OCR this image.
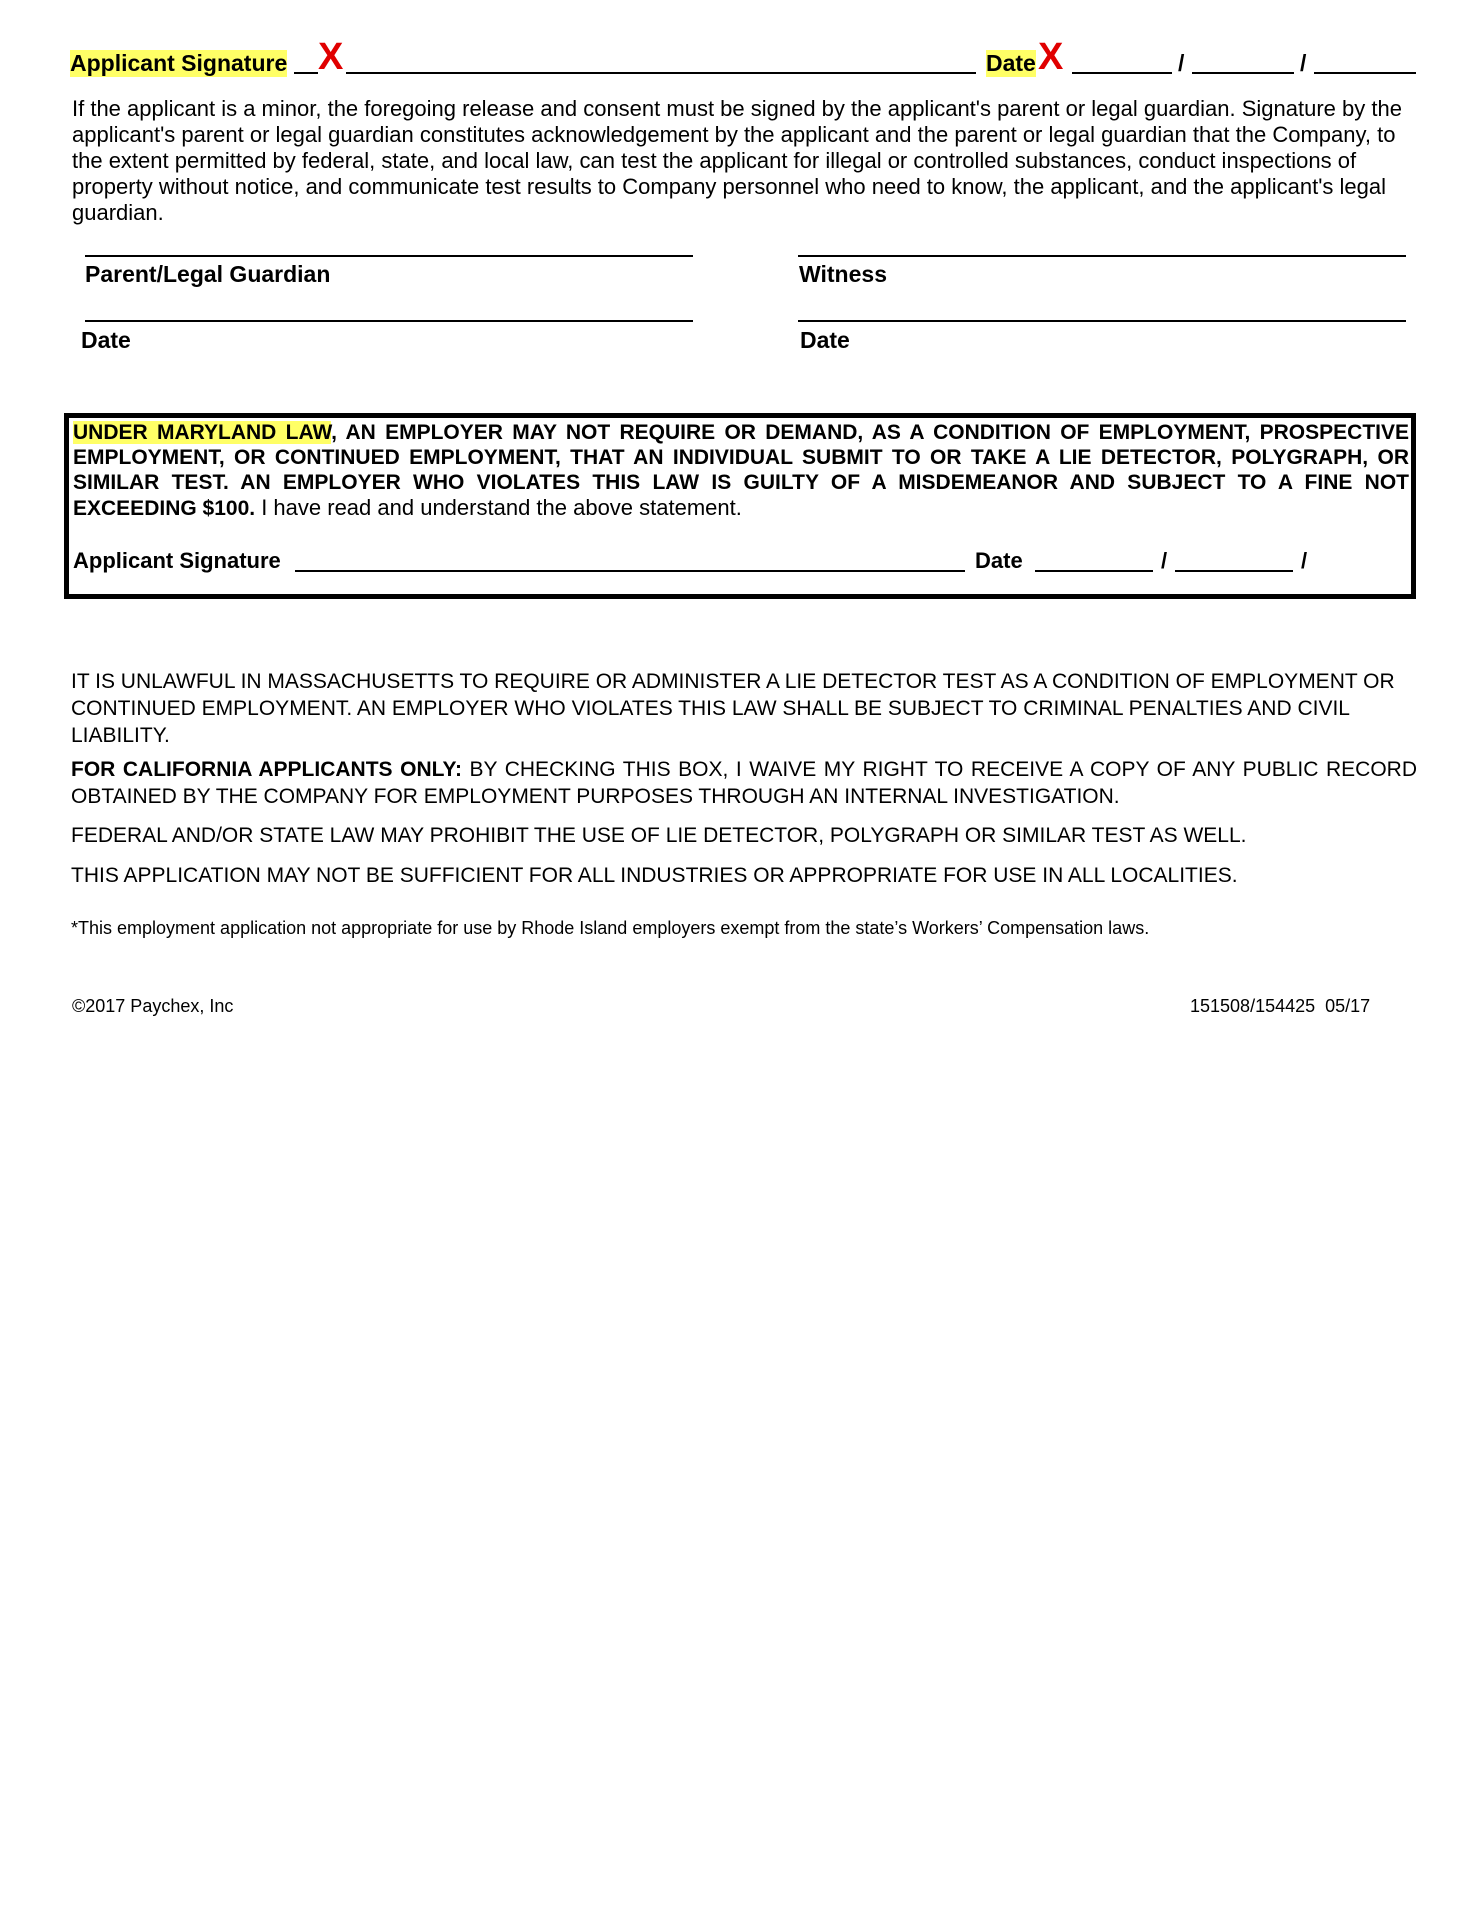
Applicant Signature X	Date X	/	/

If the applicant is a minor, the foregoing release and consent must be signed by the applicant's parent or legal guardian. Signature by the applicant's parent or legal guardian constitutes acknowledgement by the applicant and the parent or legal guardian that the Company, to the extent permitted by federal, state, and local law, can test the applicant for illegal or controlled substances, conduct inspections of property without notice, and communicate test results to Company personnel who need to know, the applicant, and the applicant's legal guardian.

Parent/Legal Guardian	Witness
Date	Date

UNDER MARYLAND LAW, AN EMPLOYER MAY NOT REQUIRE OR DEMAND, AS A CONDITION OF EMPLOYMENT, PROSPECTIVE EMPLOYMENT, OR CONTINUED EMPLOYMENT, THAT AN INDIVIDUAL SUBMIT TO OR TAKE A LIE DETECTOR, POLYGRAPH, OR SIMILAR TEST. AN EMPLOYER WHO VIOLATES THIS LAW IS GUILTY OF A MISDEMEANOR AND SUBJECT TO A FINE NOT EXCEEDING $100. I have read and understand the above statement.

Applicant Signature	Date	/	/

IT IS UNLAWFUL IN MASSACHUSETTS TO REQUIRE OR ADMINISTER A LIE DETECTOR TEST AS A CONDITION OF EMPLOYMENT OR CONTINUED EMPLOYMENT. AN EMPLOYER WHO VIOLATES THIS LAW SHALL BE SUBJECT TO CRIMINAL PENALTIES AND CIVIL LIABILITY.

FOR CALIFORNIA APPLICANTS ONLY: BY CHECKING THIS BOX, I WAIVE MY RIGHT TO RECEIVE A COPY OF ANY PUBLIC RECORD OBTAINED BY THE COMPANY FOR EMPLOYMENT PURPOSES THROUGH AN INTERNAL INVESTIGATION.

FEDERAL AND/OR STATE LAW MAY PROHIBIT THE USE OF LIE DETECTOR, POLYGRAPH OR SIMILAR TEST AS WELL.

THIS APPLICATION MAY NOT BE SUFFICIENT FOR ALL INDUSTRIES OR APPROPRIATE FOR USE IN ALL LOCALITIES.

*This employment application not appropriate for use by Rhode Island employers exempt from the state’s Workers’ Compensation laws.

©2017 Paychex, Inc	151508/154425  05/17
